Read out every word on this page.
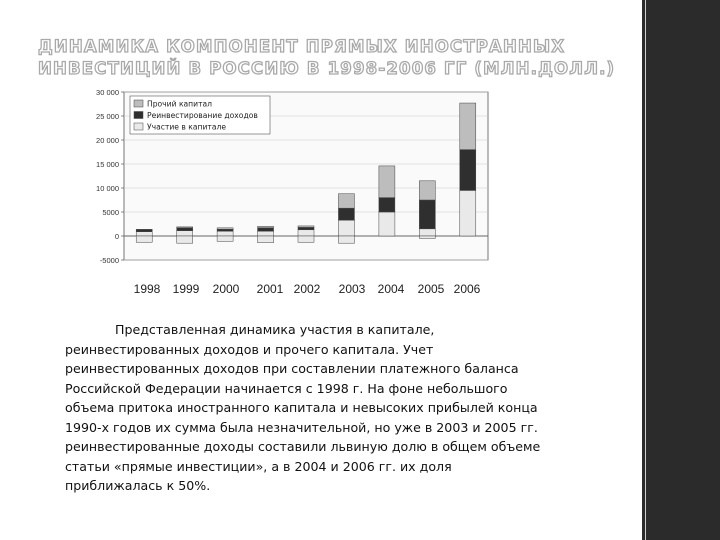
ДИНАМИКА КОМПОНЕНТ ПРЯМЫХ ИНОСТРАННЫХ
ИНВЕСТИЦИЙ В РОССИЮ В 1998-2006 ГГ (МЛН.ДОЛЛ.)
-5000
0
5000
10 000
15 000
20 000
25 000
30 000
Прочий капитал
Реинвестирование доходов
Участие в капитале
1998 1999 2000 2001 2002 2003 2004 2005 2006
Представленная динамика участия в капитале,
реинвестированных доходов и прочего капитала. Учет
реинвестированных доходов при составлении платежного баланса
Российской Федерации начинается с 1998 г. На фоне небольшого
объема притока иностранного капитала и невысоких прибылей конца
1990-х годов их сумма была незначительной, но уже в 2003 и 2005 гг.
реинвестированные доходы составили львиную долю в общем объеме
статьи «прямые инвестиции», а в 2004 и 2006 гг. их доля
приближалась к 50%.
